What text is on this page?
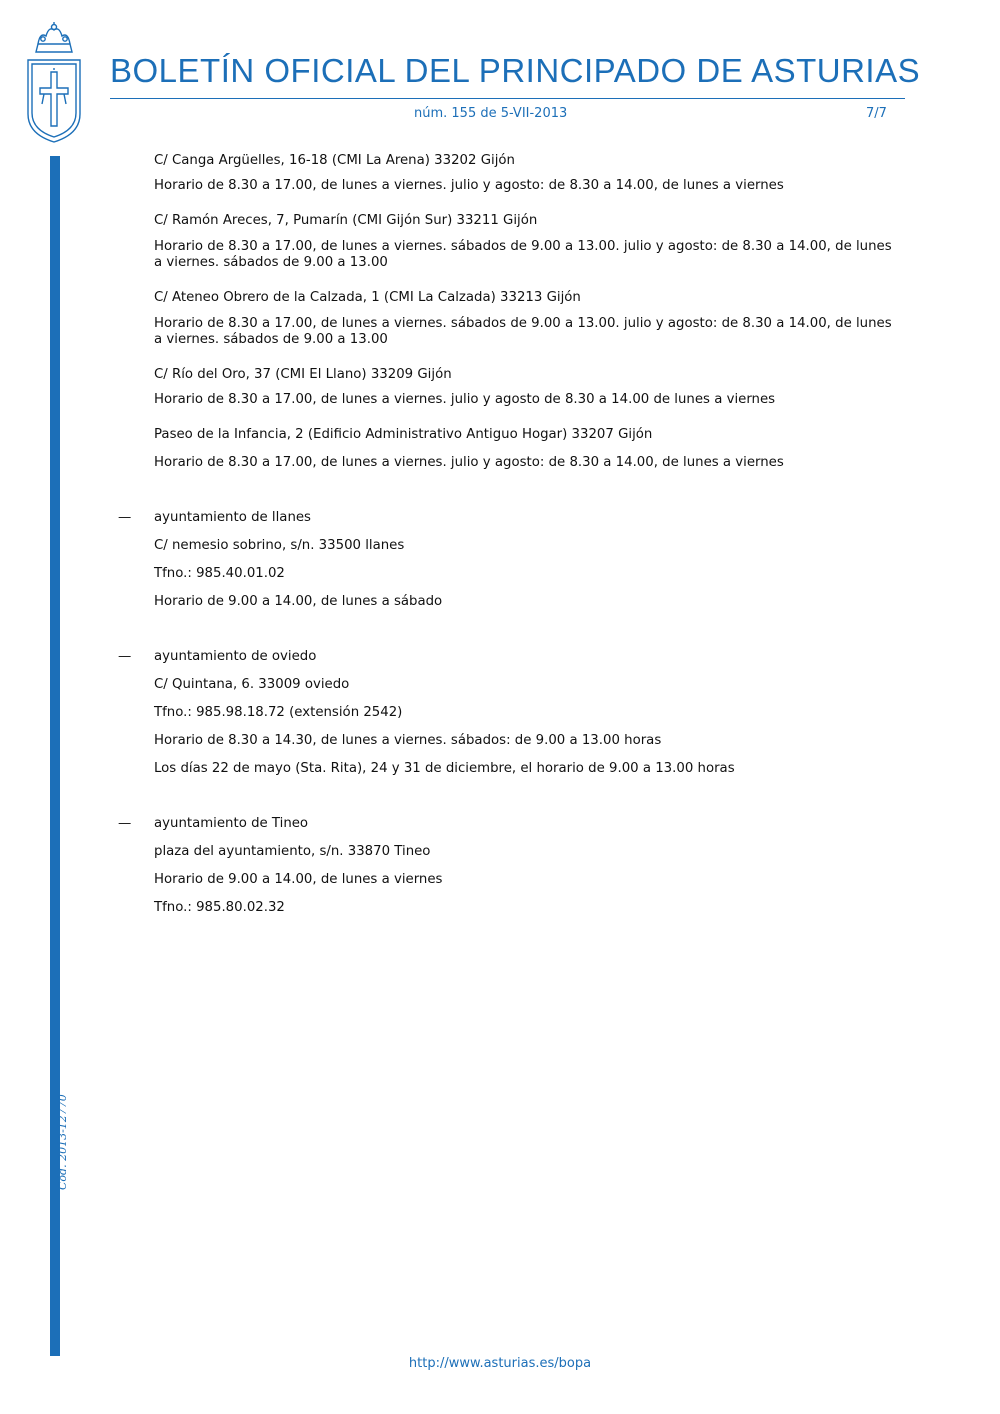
BOLETÍN OFICIAL DEL PRINCIPADO DE ASTURIAS
núm. 155 de 5-VII-2013	7/7
Cód. 2013-12770

C/ Canga Argüelles, 16-18 (CMI La Arena) 33202 Gijón

Horario de 8.30 a 17.00, de lunes a viernes. julio y agosto: de 8.30 a 14.00, de lunes a viernes

C/ Ramón Areces, 7, Pumarín (CMI Gijón Sur) 33211 Gijón

Horario de 8.30 a 17.00, de lunes a viernes. sábados de 9.00 a 13.00. julio y agosto: de 8.30 a 14.00, de lunes

a viernes. sábados de 9.00 a 13.00

C/ Ateneo Obrero de la Calzada, 1 (CMI La Calzada) 33213 Gijón

Horario de 8.30 a 17.00, de lunes a viernes. sábados de 9.00 a 13.00. julio y agosto: de 8.30 a 14.00, de lunes

a viernes. sábados de 9.00 a 13.00

C/ Río del Oro, 37 (CMI El Llano) 33209 Gijón

Horario de 8.30 a 17.00, de lunes a viernes. julio y agosto de 8.30 a 14.00 de lunes a viernes

Paseo de la Infancia, 2 (Edificio Administrativo Antiguo Hogar) 33207 Gijón

Horario de 8.30 a 17.00, de lunes a viernes. julio y agosto: de 8.30 a 14.00, de lunes a viernes

— ayuntamiento de llanes

C/ nemesio sobrino, s/n. 33500 llanes

Tfno.: 985.40.01.02

Horario de 9.00 a 14.00, de lunes a sábado

— ayuntamiento de oviedo

C/ Quintana, 6. 33009 oviedo

Tfno.: 985.98.18.72 (extensión 2542)

Horario de 8.30 a 14.30, de lunes a viernes. sábados: de 9.00 a 13.00 horas

Los días 22 de mayo (Sta. Rita), 24 y 31 de diciembre, el horario de 9.00 a 13.00 horas

— ayuntamiento de Tineo

plaza del ayuntamiento, s/n. 33870 Tineo

Horario de 9.00 a 14.00, de lunes a viernes

Tfno.: 985.80.02.32

http://www.asturias.es/bopa
